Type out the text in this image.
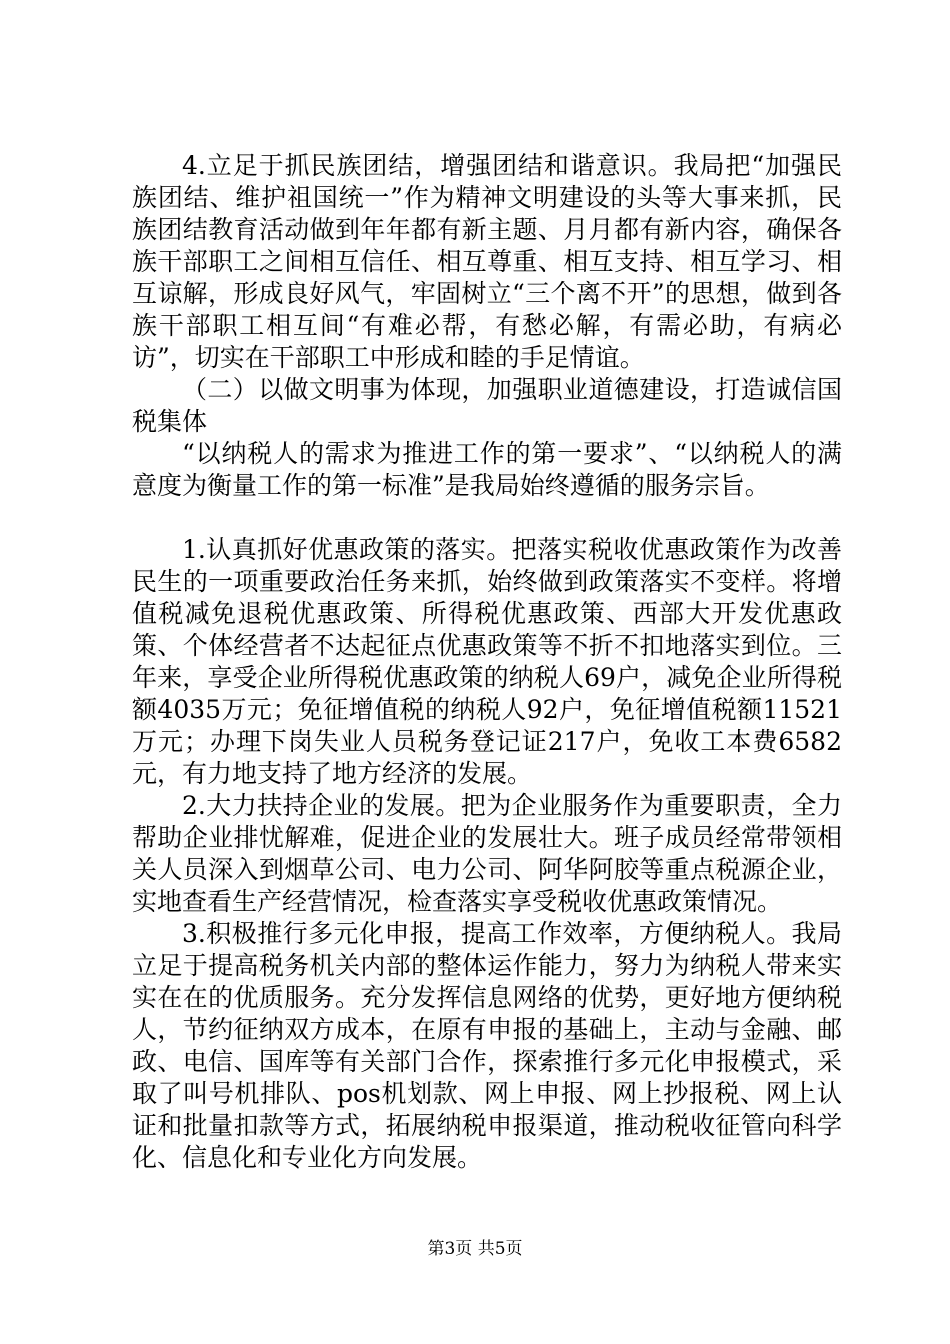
4.立足于抓民族团结，增强团结和谐意识。我局把“加强民族团结、维护祖国统一”作为精神文明建设的头等大事来抓，民族团结教育活动做到年年都有新主题、月月都有新内容，确保各族干部职工之间相互信任、相互尊重、相互支持、相互学习、相互谅解，形成良好风气，牢固树立“三个离不开”的思想，做到各族干部职工相互间“有难必帮，有愁必解，有需必助，有病必访”，切实在干部职工中形成和睦的手足情谊。

（二）以做文明事为体现，加强职业道德建设，打造诚信国税集体

“以纳税人的需求为推进工作的第一要求”、“以纳税人的满意度为衡量工作的第一标准”是我局始终遵循的服务宗旨。

1.认真抓好优惠政策的落实。把落实税收优惠政策作为改善民生的一项重要政治任务来抓，始终做到政策落实不变样。将增值税减免退税优惠政策、所得税优惠政策、西部大开发优惠政策、个体经营者不达起征点优惠政策等不折不扣地落实到位。三年来，享受企业所得税优惠政策的纳税人69户，减免企业所得税额4035万元；免征增值税的纳税人92户，免征增值税额11521万元；办理下岗失业人员税务登记证217户，免收工本费6582元，有力地支持了地方经济的发展。

2.大力扶持企业的发展。把为企业服务作为重要职责，全力帮助企业排忧解难，促进企业的发展壮大。班子成员经常带领相关人员深入到烟草公司、电力公司、阿华阿胶等重点税源企业，实地查看生产经营情况，检查落实享受税收优惠政策情况。

3.积极推行多元化申报，提高工作效率，方便纳税人。我局立足于提高税务机关内部的整体运作能力，努力为纳税人带来实实在在的优质服务。充分发挥信息网络的优势，更好地方便纳税人，节约征纳双方成本，在原有申报的基础上，主动与金融、邮政、电信、国库等有关部门合作，探索推行多元化申报模式，采取了叫号机排队、pos机划款、网上申报、网上抄报税、网上认证和批量扣款等方式，拓展纳税申报渠道，推动税收征管向科学化、信息化和专业化方向发展。

第3页 共5页
